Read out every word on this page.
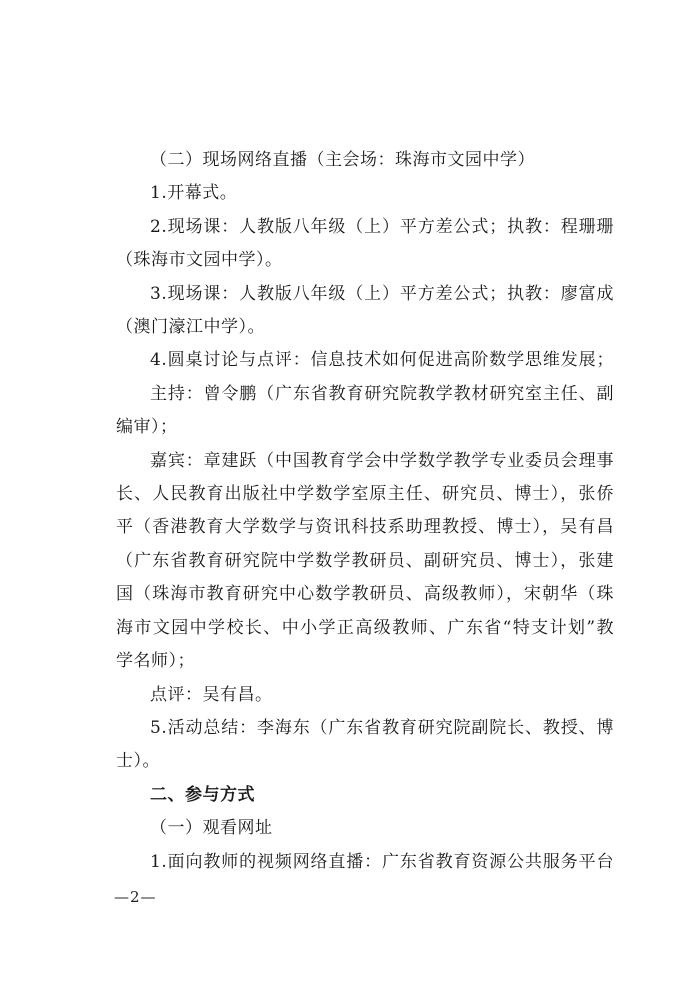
（二）现场网络直播（主会场：珠海市文园中学）
1.开幕式。
2.现场课：人教版八年级（上）平方差公式；执教：程珊珊
（珠海市文园中学）。
3.现场课：人教版八年级（上）平方差公式；执教：廖富成
（澳门濠江中学）。
4.圆桌讨论与点评：信息技术如何促进高阶数学思维发展；
主持：曾令鹏（广东省教育研究院教学教材研究室主任、副
编审）；
嘉宾：章建跃（中国教育学会中学数学教学专业委员会理事
长、人民教育出版社中学数学室原主任、研究员、博士），张侨
平（香港教育大学数学与资讯科技系助理教授、博士），吴有昌
（广东省教育研究院中学数学教研员、副研究员、博士），张建
国（珠海市教育研究中心数学教研员、高级教师），宋朝华（珠
海市文园中学校长、中小学正高级教师、广东省“特支计划”教
学名师）；
点评：吴有昌。
5.活动总结：李海东（广东省教育研究院副院长、教授、博
士）。
二、参与方式
（一）观看网址
1.面向教师的视频网络直播：广东省教育资源公共服务平台
—2—
